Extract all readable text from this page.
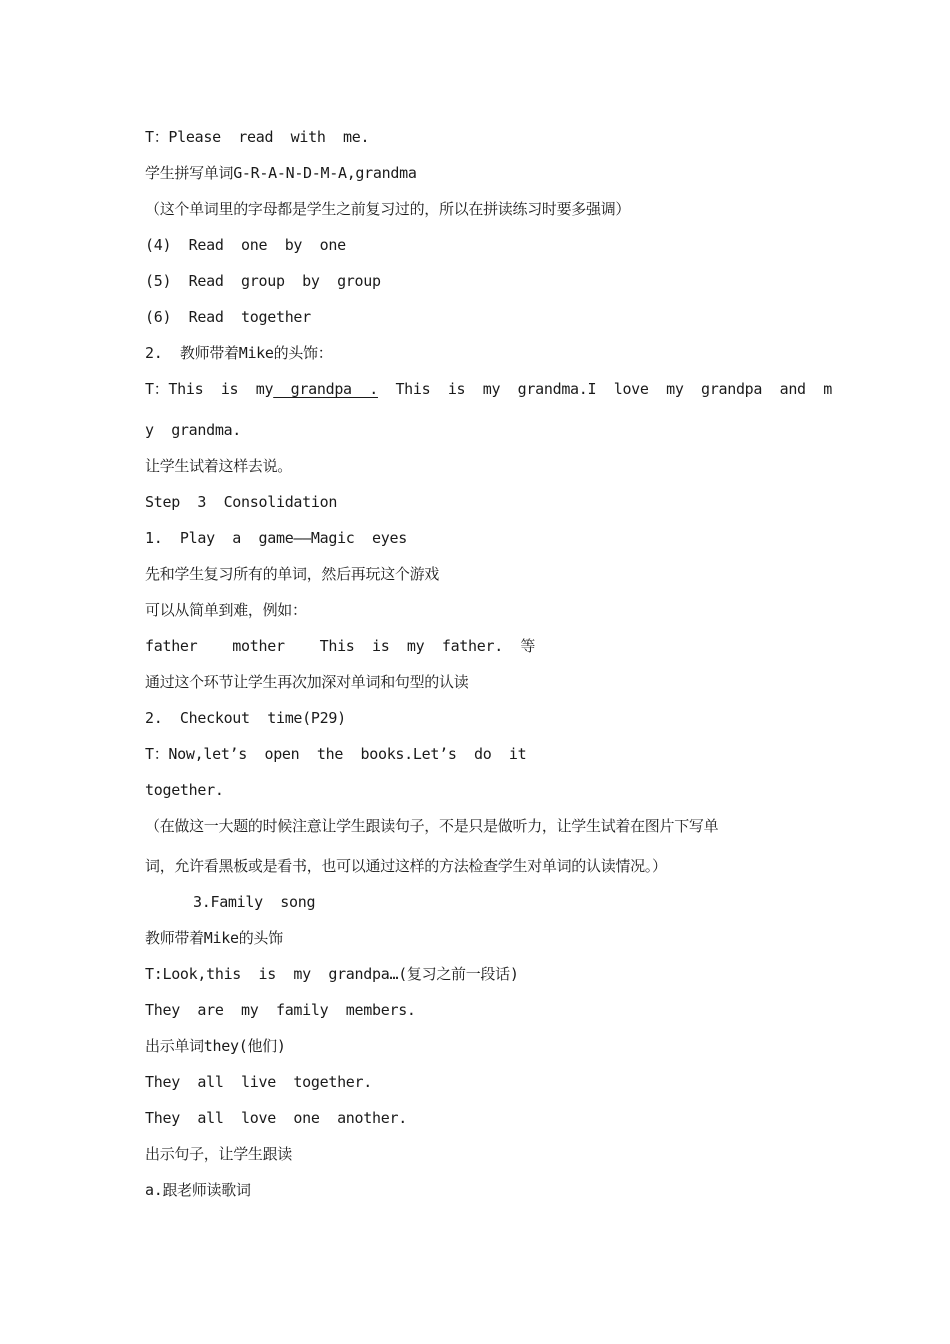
T：Please  read  with  me.
学生拼写单词G-R-A-N-D-M-A,grandma
（这个单词里的字母都是学生之前复习过的，所以在拼读练习时要多强调）
(4)  Read  one  by  one
(5)  Read  group  by  group
(6)  Read  together
2.  教师带着Mike的头饰：
T：This  is  my  grandpa  .  This  is  my  grandma.I  love  my  grandpa  and  m
y  grandma.
让学生试着这样去说。
Step  3  Consolidation
1.  Play  a  game——Magic  eyes
先和学生复习所有的单词，然后再玩这个游戏
可以从简单到难，例如：
father    mother    This  is  my  father.  等
通过这个环节让学生再次加深对单词和句型的认读
2.  Checkout  time(P29)
T：Now,let’s  open  the  books.Let’s  do  it
together.
（在做这一大题的时候注意让学生跟读句子，不是只是做听力，让学生试着在图片下写单
词，允许看黑板或是看书，也可以通过这样的方法检查学生对单词的认读情况。）
3.Family  song
教师带着Mike的头饰
T:Look,this  is  my  grandpa…(复习之前一段话)
They  are  my  family  members.
出示单词they(他们)
They  all  live  together.
They  all  love  one  another.
出示句子，让学生跟读
a.跟老师读歌词
